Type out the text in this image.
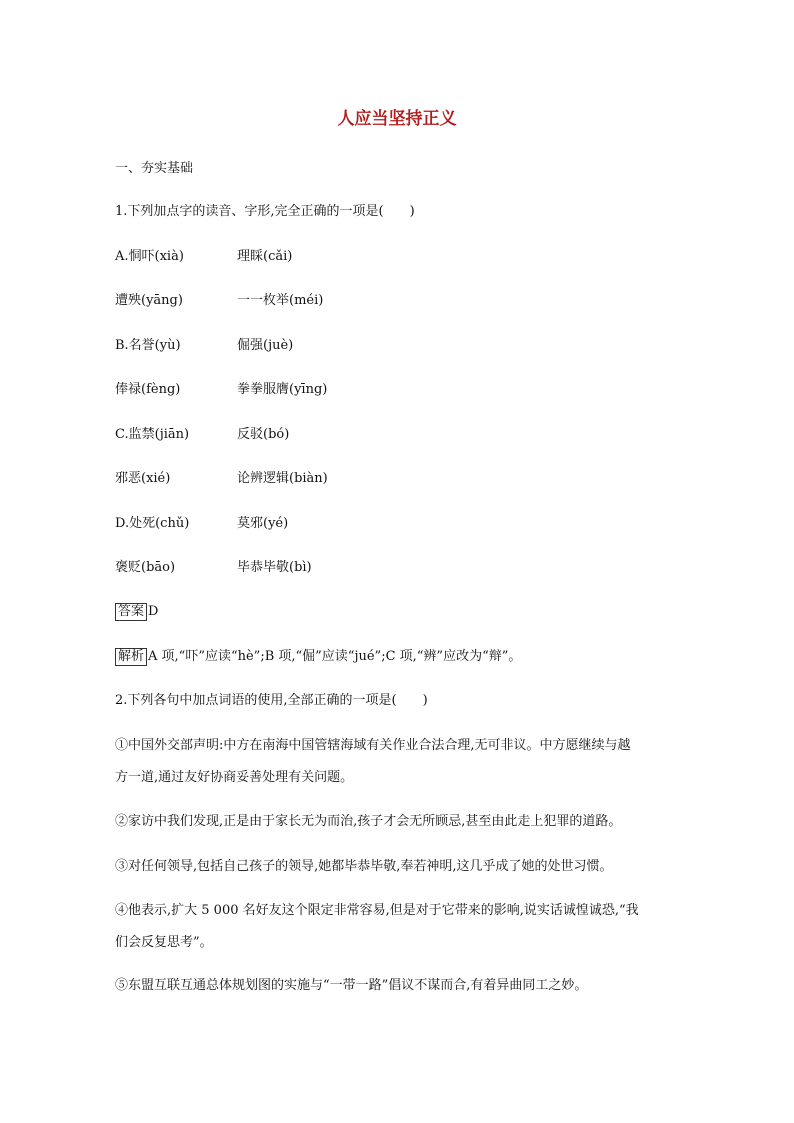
人应当坚持正义
一、夯实基础
1.下列加点字的读音、字形,完全正确的一项是(　　)
A.恫吓(xià)	理睬(cǎi)
遭殃(yāng)	一一枚举(méi)
B.名誉(yù)	倔强(juè)
俸禄(fèng)	拳拳服膺(yīng)
C.监禁(jiān)	反驳(bó)
邪恶(xié)	论辨逻辑(biàn)
D.处死(chǔ)	莫邪(yé)
褒贬(bāo)	毕恭毕敬(bì)
答案 D
解析 A 项,“吓”应读“hè”;B 项,“倔”应读“jué”;C 项,“辨”应改为“辩”。
2.下列各句中加点词语的使用,全部正确的一项是(　　)
①中国外交部声明:中方在南海中国管辖海域有关作业合法合理,无可非议。中方愿继续与越
方一道,通过友好协商妥善处理有关问题。
②家访中我们发现,正是由于家长无为而治,孩子才会无所顾忌,甚至由此走上犯罪的道路。
③对任何领导,包括自己孩子的领导,她都毕恭毕敬,奉若神明,这几乎成了她的处世习惯。
④他表示,扩大 5 000 名好友这个限定非常容易,但是对于它带来的影响,说实话诚惶诚恐,“我
们会反复思考”。
⑤东盟互联互通总体规划图的实施与“一带一路”倡议不谋而合,有着异曲同工之妙。
